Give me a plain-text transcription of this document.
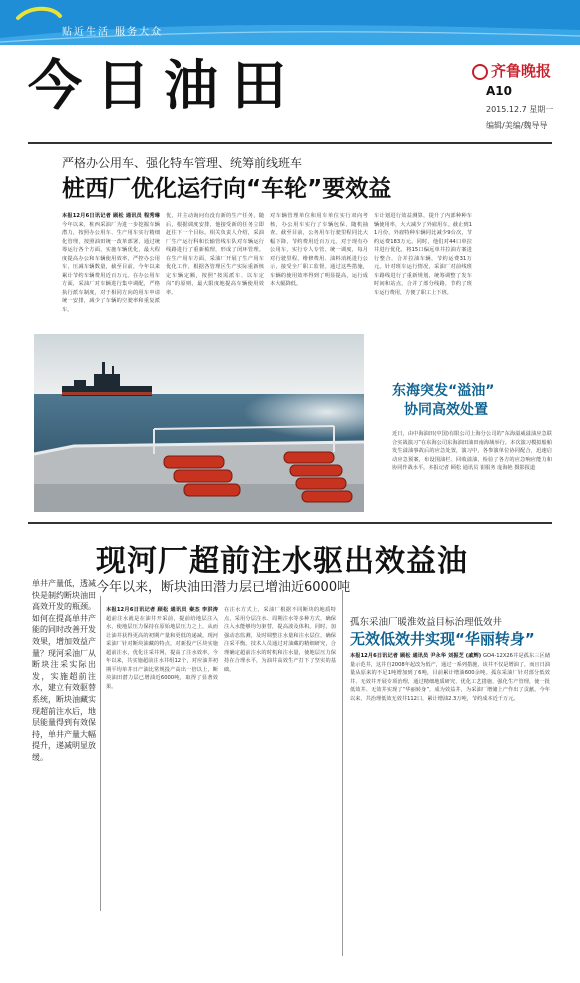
贴近生活 服务大众
今日油田	齐鲁晚报
A10
2015.12.7 星期一
编辑/美编/魏导导
严格办公用车、强化特车管理、统筹前线班车
桩西厂优化运行向“车轮”要效益
本报12月6日讯记者 顾松 通讯员 程秀琳 今年以来，桩西采油厂为进一步挖掘车辆潜力，按照办公用车、生产用车实行精细化管理，按照油田统一改革部署，通过统筹运行各个方面，实施车辆优化，最大程度提高办公和车辆使用效率，严控办公用车，压减车辆数量，截至目前，今年以来累计节约车辆费用近百万元。在办公用车方面，采油厂对车辆进行集中调配，严格执行派车制度，对于相同方向的用车申请统一安排，减少了车辆的空驶率和重复派车。
优，并主动询问有没有新的生产任务，随后，根据调度安排，他接受新的任务立即赶往下一个目标。相关负责人介绍，采油厂生产运行科和长输管线车队对车辆运行线路进行了重新梳理，形成了闭环管理。在生产用车方面，采油厂开展了生产用车优化工作，根据各管理区生产实际重新核定车辆定额，按照“按需派车、以车定岗”的原则，最大限度地提高车辆使用效率。
对车辆管理单位和用车单位实行双向考核，办公用车实行了车辆包保，随机抽查。截至目前，公务用车行驶里程同比大幅下降，节约费用近百万元。对于现有办公用车，实行专人专管、统一调度，每月对行驶里程、维修费用、油料消耗进行公示，接受全厂职工监督。通过这些措施，车辆的使用效率得到了明显提高，运行成本大幅降低。
车计划进行效益测算，提升了内部种种车辆使用率，大大减少了外雇用车。截止到11月份，外雇特种车辆同比减少9台次，节约运费183万元。同时，他们对44口单拉井进行优化，将15口偏远单井拉油方案进行整合，合并拉油车辆，节约运费31万元。针对班车运行情况，采油厂对前线班车路线进行了重新规划，统筹调整了发车时间和站点，合并了部分线路，节约了班车运行费用，方便了职工上下班。
东海突发“溢油”
协同高效处置
近日，由中海油田(中国)有限公司上海分公司的“东海溢威溢油应急联合实战演习”在东海公司东海油田油田南海域举行。本次演习模拟船舶发生溢油事故后的应急处置，演习中，各参演单位协同配合，迅速启动应急预案，布设围油栏、回收溢油，检验了各方的应急响应能力和协同作战水平。本报记者 顾松 通讯员 崔服务 庞海艳 摄影报道
现河厂超前注水驱出效益油
今年以来，断块油田潜力层已增油近6000吨
单井产量低，透减快是制约断块油田高效开发的瓶颈。如何在提高单井产能的同时改善开发效果，增加效益产量？现河采油厂从断块注采实际出发，实施超前注水，建立有效驱替系统，断块油藏实现超前注水后，地层能量得到有效保持，单井产量大幅提升，递减明显放缓。
本报12月6日讯记者 顾松 通讯员 秦杰 李洪涛 超前注水就是在油井开采前，提前给地层注入水，使地层压力保持在原始地层压力之上，从而让油井获得更高的初期产量和更低的递减。现河采油厂针对断块油藏的特点，对新投产区块实施超前注水，优化注采井网，提高了注水效率。今年以来，共实施超前注水井组12个，对应油井初期平均单井日产油比常规投产高出一倍以上，断块油田潜力层已增油近6000吨，取得了显著效果。
在注水方式上，采油厂根据不同断块的地质特点，采用分层注水、周期注水等多种方式，确保注入水能够均匀驱替，提高波及体积。同时，加强动态监测，及时调整注水量和注水层位，确保注采平衡。技术人员通过对油藏的精细研究，合理确定超前注水的时机和注水量，使地层压力保持在合理水平，为油井高效生产打下了坚实的基础。
孤东采油厂暖淮效益目标治理低效井
无效低效井实现“华丽转身”
本报12月6日讯记者 顾松 通讯员 尹永华 刘振芝 (戚辉) GO4-12X26井是孤东三区储量示范井，这井自2008年起改为低产，通过一系列措施，该井不仅是增油了，而且日油量从原来的不足1吨增加到了6吨，目前累计增油600余吨。孤东采油厂针对部分低效井、无效井开展专项治理，通过精细地质研究、优化工艺措施、强化生产管理，使一批低效井、无效井实现了“华丽转身”，成为效益井，为采油厂增储上产作出了贡献。今年以来，共治理低效无效井112口，累计增油2.3万吨，节约成本近千万元。
